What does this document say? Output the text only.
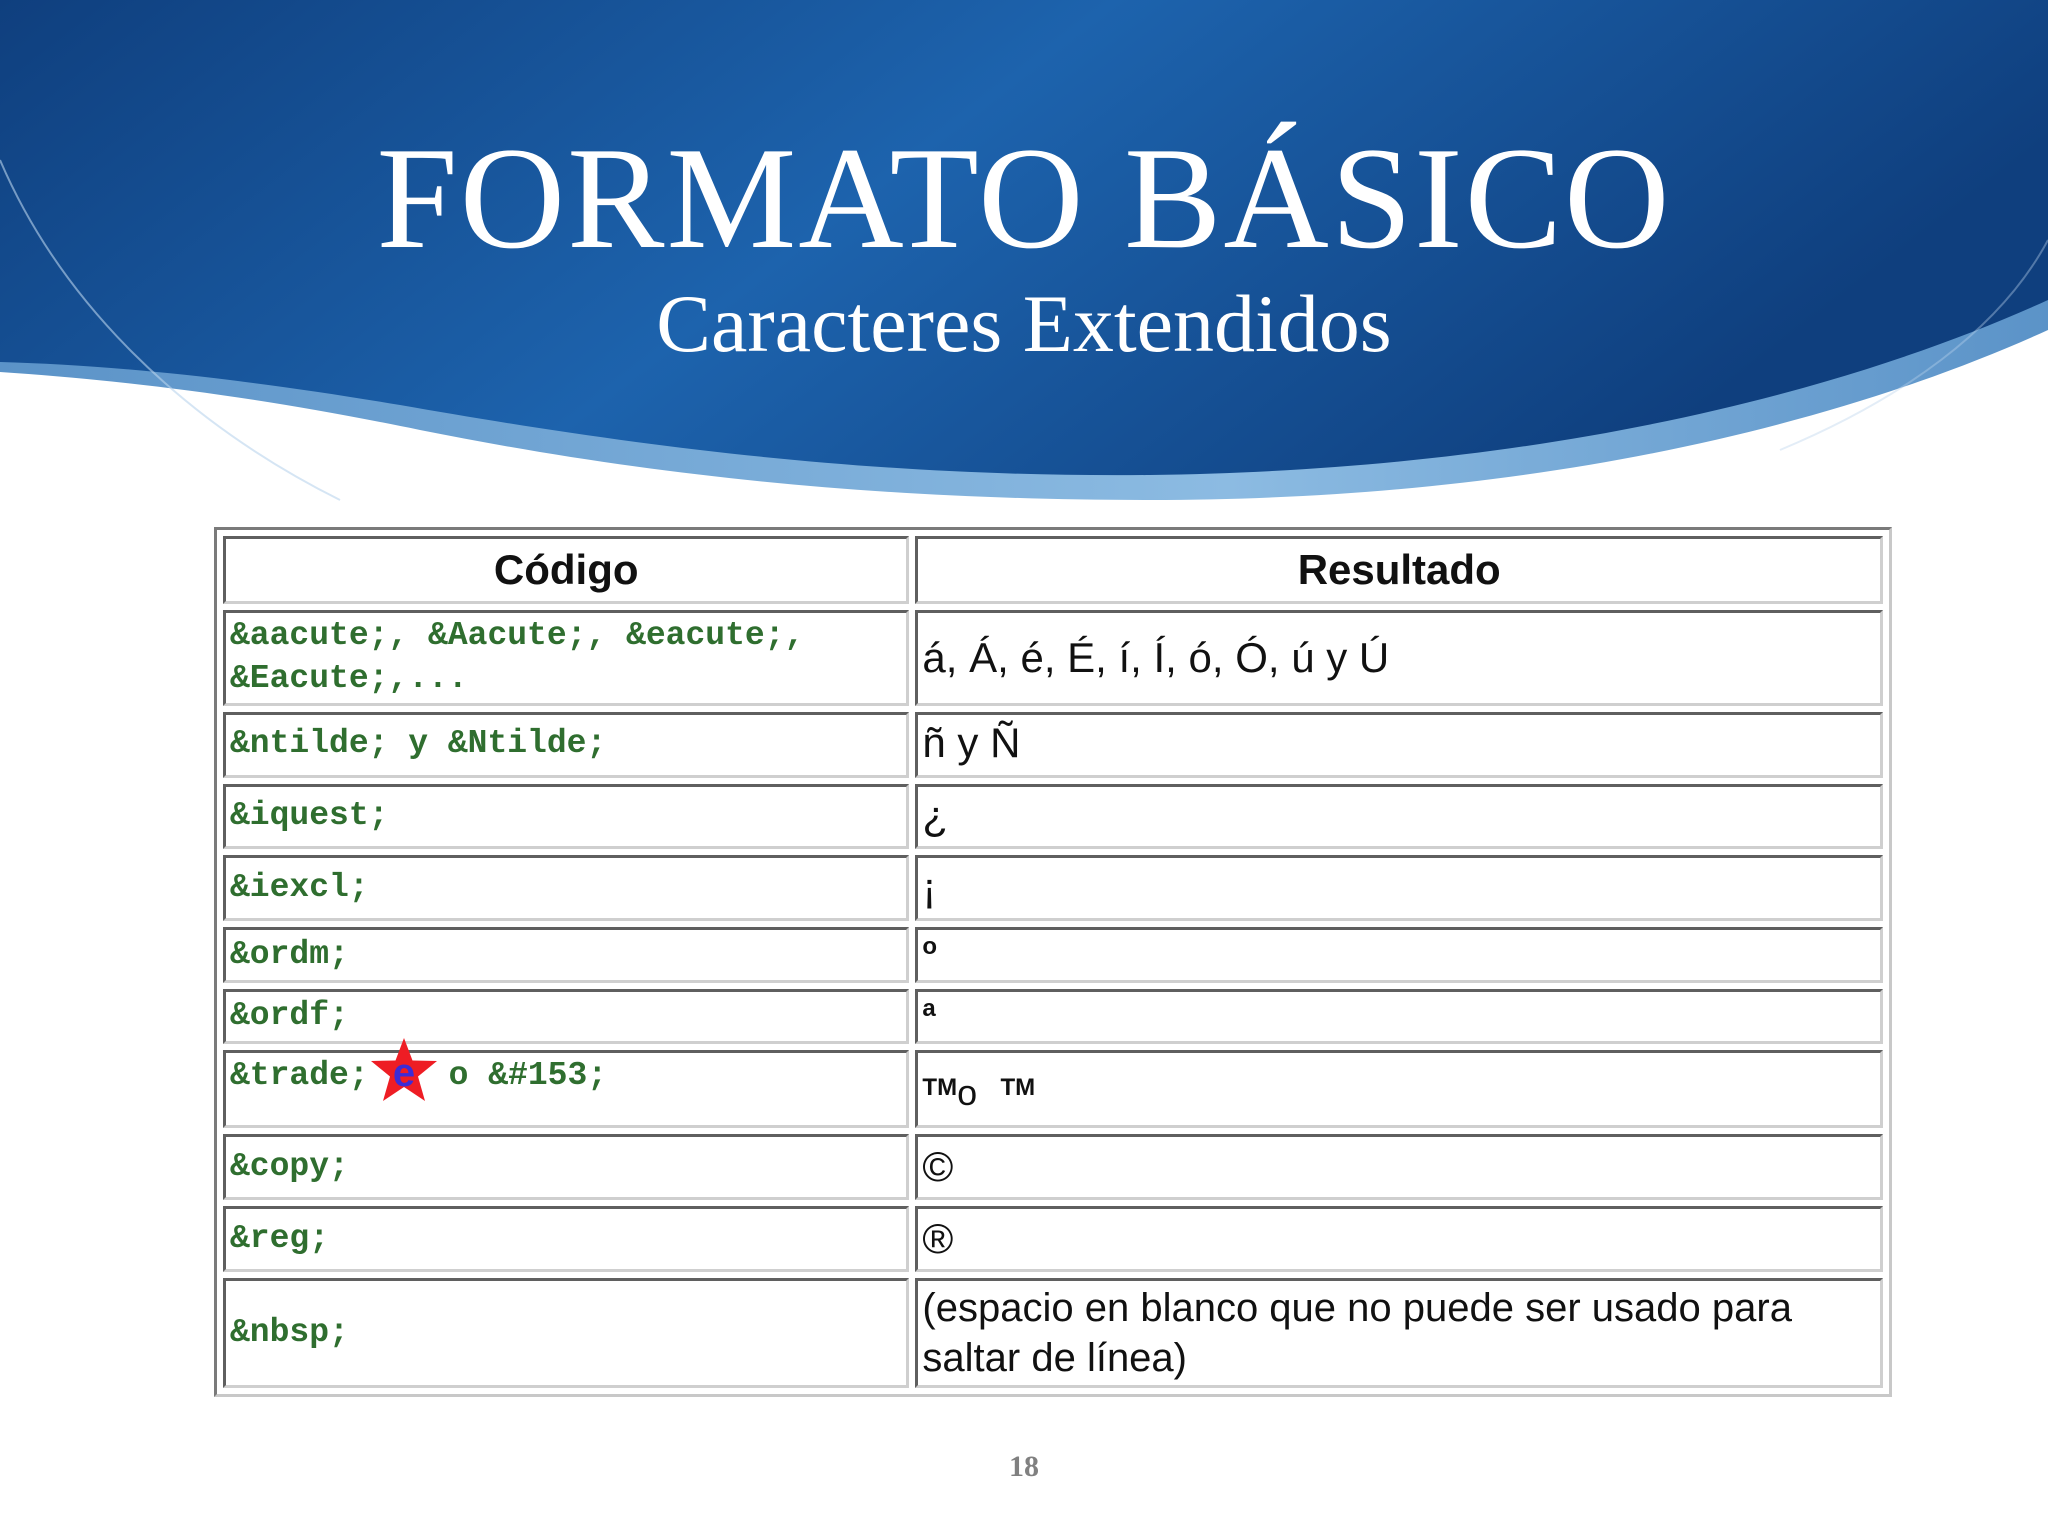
FORMATO BÁSICO
Caracteres Extendidos
Código	Resultado
&aacute;, &Aacute;, &eacute;, &Eacute;,...	á, Á, é, É, í, Í, ó, Ó, ú y Ú
&ntilde; y &Ntilde;	ñ y Ñ
&iquest;	¿
&iexcl;	¡
&ordm;	o
&ordf;	a
&trade; e o &#153;	TMo TM
&copy;	©
&reg;	®
&nbsp;	(espacio en blanco que no puede ser usado para saltar de línea)
18
